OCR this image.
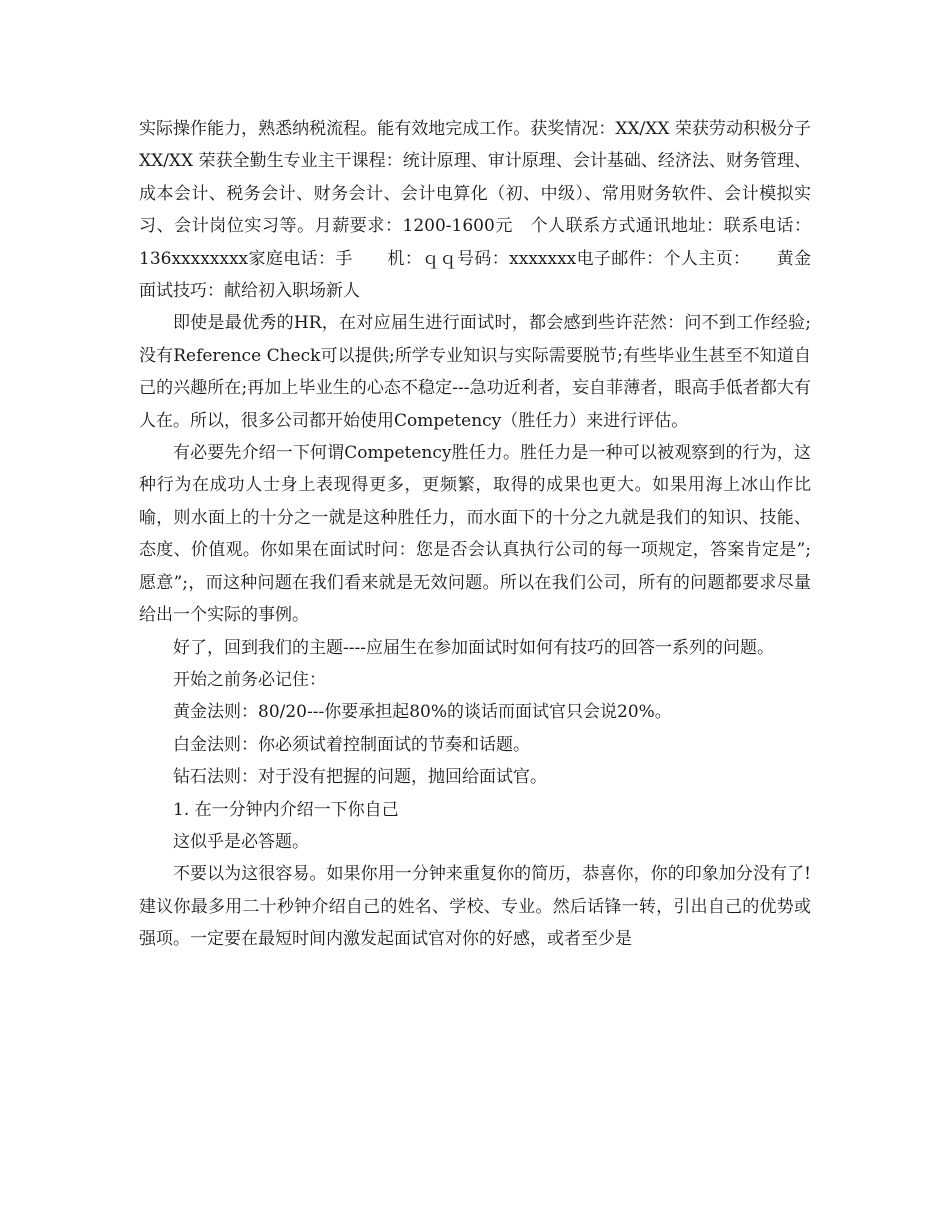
实际操作能力，熟悉纳税流程。能有效地完成工作。获奖情况：XX/XX 荣获劳动积极分子XX/XX 荣获全勤生专业主干课程：统计原理、审计原理、会计基础、经济法、财务管理、成本会计、税务会计、财务会计、会计电算化（初、中级）、常用财务软件、会计模拟实习、会计岗位实习等。月薪要求：1200-1600元　个人联系方式通讯地址：联系电话：136xxxxxxxx家庭电话：手　　机：ｑｑ号码：xxxxxxx电子邮件：个人主页：　　黄金面试技巧：献给初入职场新人

即使是最优秀的HR，在对应届生进行面试时，都会感到些许茫然：问不到工作经验;没有Reference Check可以提供;所学专业知识与实际需要脱节;有些毕业生甚至不知道自己的兴趣所在;再加上毕业生的心态不稳定---急功近利者，妄自菲薄者，眼高手低者都大有人在。所以，很多公司都开始使用Competency（胜任力）来进行评估。

有必要先介绍一下何谓Competency胜任力。胜任力是一种可以被观察到的行为，这种行为在成功人士身上表现得更多，更频繁，取得的成果也更大。如果用海上冰山作比喻，则水面上的十分之一就是这种胜任力，而水面下的十分之九就是我们的知识、技能、态度、价值观。你如果在面试时问：您是否会认真执行公司的每一项规定，答案肯定是”;愿意”;，而这种问题在我们看来就是无效问题。所以在我们公司，所有的问题都要求尽量给出一个实际的事例。

好了，回到我们的主题----应届生在参加面试时如何有技巧的回答一系列的问题。

开始之前务必记住：

黄金法则：80/20---你要承担起80%的谈话而面试官只会说20%。

白金法则：你必须试着控制面试的节奏和话题。

钻石法则：对于没有把握的问题，抛回给面试官。

1. 在一分钟内介绍一下你自己

这似乎是必答题。

不要以为这很容易。如果你用一分钟来重复你的简历，恭喜你，你的印象加分没有了!建议你最多用二十秒钟介绍自己的姓名、学校、专业。然后话锋一转，引出自己的优势或强项。一定要在最短时间内激发起面试官对你的好感，或者至少是
